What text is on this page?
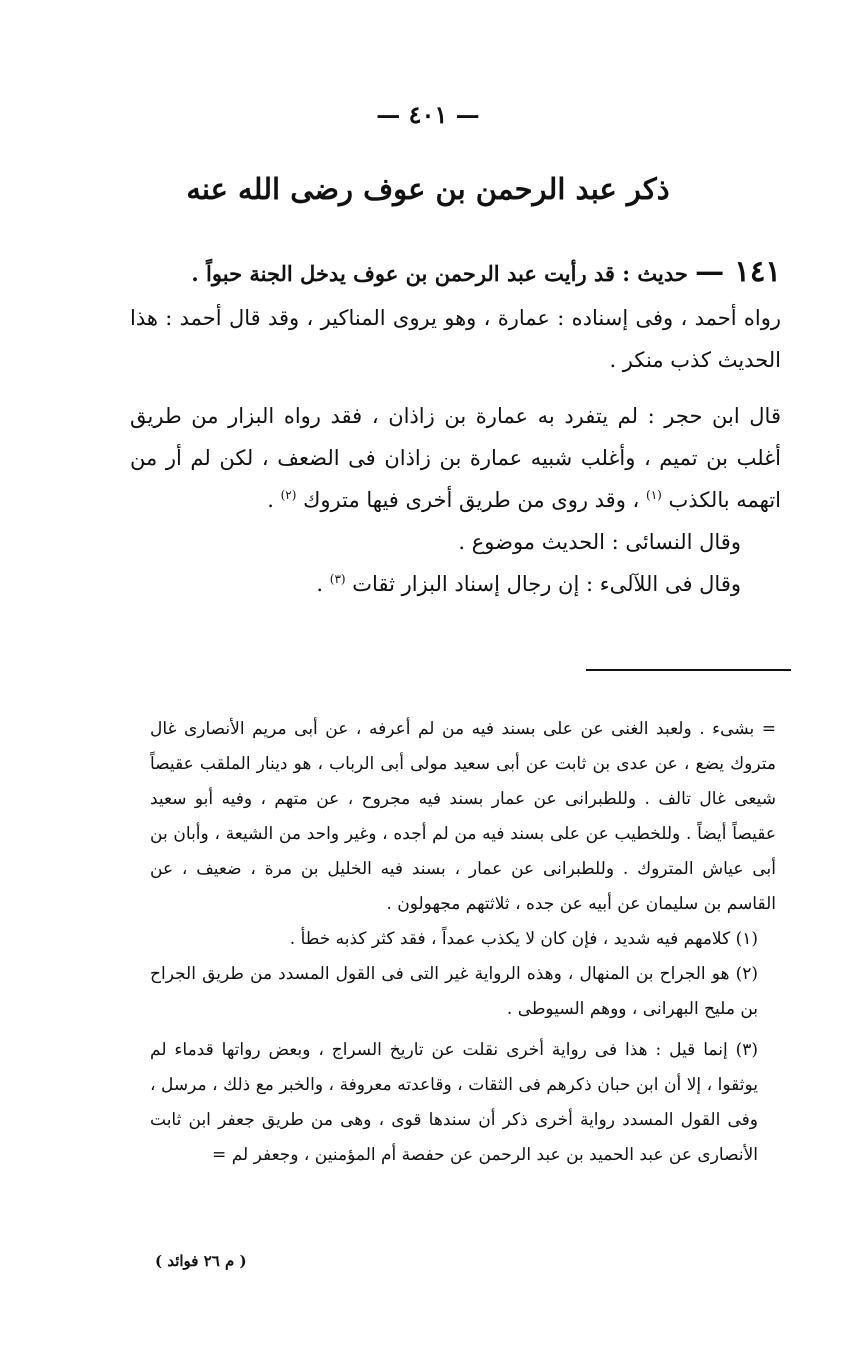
— ٤٠١ —
ذكر عبد الرحمن بن عوف رضى الله عنه

١٤١ — حديث : قد رأيت عبد الرحمن بن عوف يدخل الجنة حبواً .

رواه أحمد ، وفى إسناده : عمارة ، وهو يروى المناكير ، وقد قال أحمد : هذا الحديث كذب منكر .

قال ابن حجر : لم يتفرد به عمارة بن زاذان ، فقد رواه البزار من طريق أغلب بن تميم ، وأغلب شبيه عمارة بن زاذان فى الضعف ، لكن لم أر من اتهمه بالكذب $^{(١)}$ ، وقد روى من طريق أخرى فيها متروك $^{(٢)}$ .

وقال النسائى : الحديث موضوع .

وقال فى اللآلىء : إن رجال إسناد البزار ثقات $^{(٣)}$ .

= بشىء . ولعبد الغنى عن على بسند فيه من لم أعرفه ، عن أبى مريم الأنصارى غال متروك يضع ، عن عدى بن ثابت عن أبى سعيد مولى أبى الرباب ، هو دينار الملقب عقيصاً شيعى غال تالف . وللطبرانى عن عمار بسند فيه مجروح ، عن متهم ، وفيه أبو سعيد عقيصاً أيضاً . وللخطيب عن على بسند فيه من لم أجده ، وغير واحد من الشيعة ، وأبان بن أبى عياش المتروك . وللطبرانى عن عمار ، بسند فيه الخليل بن مرة ، ضعيف ، عن القاسم بن سليمان عن أبيه عن جده ، ثلاثتهم مجهولون .

(١) كلامهم فيه شديد ، فإن كان لا يكذب عمداً ، فقد كثر كذبه خطأ .

(٢) هو الجراح بن المنهال ، وهذه الرواية غير التى فى القول المسدد من طريق الجراح بن مليح البهرانى ، ووهم السيوطى .

(٣) إنما قيل : هذا فى رواية أخرى نقلت عن تاريخ السراج ، وبعض رواتها قدماء لم يوثقوا ، إلا أن ابن حبان ذكرهم فى الثقات ، وقاعدته معروفة ، والخبر مع ذلك ، مرسل ، وفى القول المسدد رواية أخرى ذكر أن سندها قوى ، وهى من طريق جعفر ابن ثابت الأنصارى عن عبد الحميد بن عبد الرحمن عن حفصة أم المؤمنين ، وجعفر لم =

( م ٢٦ فوائد )
